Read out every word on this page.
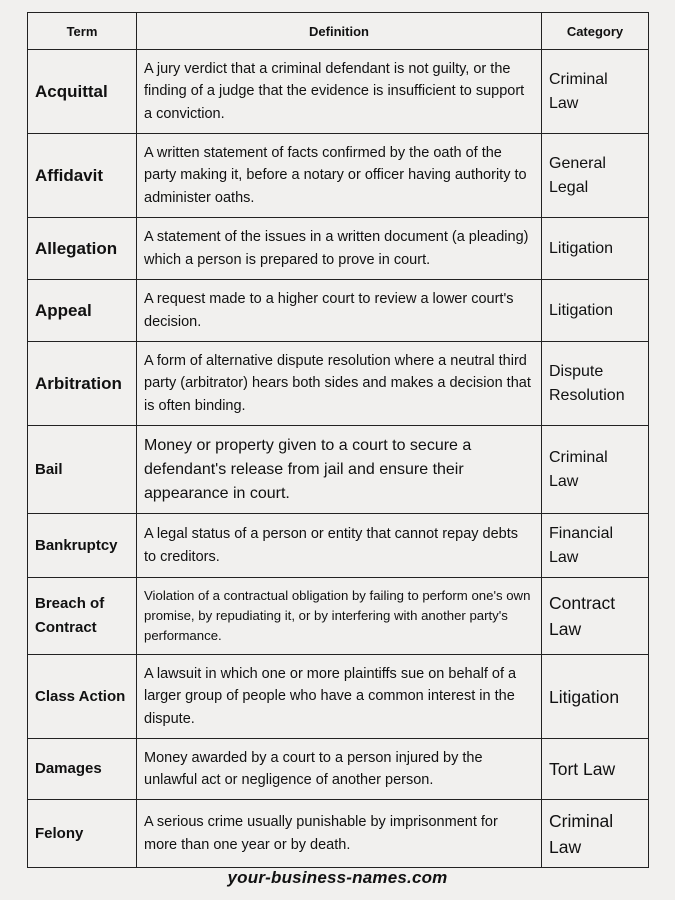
Term	Definition	Category
Acquittal	A jury verdict that a criminal defendant is not guilty, or the finding of a judge that the evidence is insufficient to support a conviction.	Criminal Law
Affidavit	A written statement of facts confirmed by the oath of the party making it, before a notary or officer having authority to administer oaths.	General Legal
Allegation	A statement of the issues in a written document (a pleading) which a person is prepared to prove in court.	Litigation
Appeal	A request made to a higher court to review a lower court's decision.	Litigation
Arbitration	A form of alternative dispute resolution where a neutral third party (arbitrator) hears both sides and makes a decision that is often binding.	Dispute Resolution
Bail	Money or property given to a court to secure a defendant's release from jail and ensure their appearance in court.	Criminal Law
Bankruptcy	A legal status of a person or entity that cannot repay debts to creditors.	Financial Law
Breach of Contract	Violation of a contractual obligation by failing to perform one's own promise, by repudiating it, or by interfering with another party's performance.	Contract Law
Class Action	A lawsuit in which one or more plaintiffs sue on behalf of a larger group of people who have a common interest in the dispute.	Litigation
Damages	Money awarded by a court to a person injured by the unlawful act or negligence of another person.	Tort Law
Felony	A serious crime usually punishable by imprisonment for more than one year or by death.	Criminal Law
your-business-names.com
